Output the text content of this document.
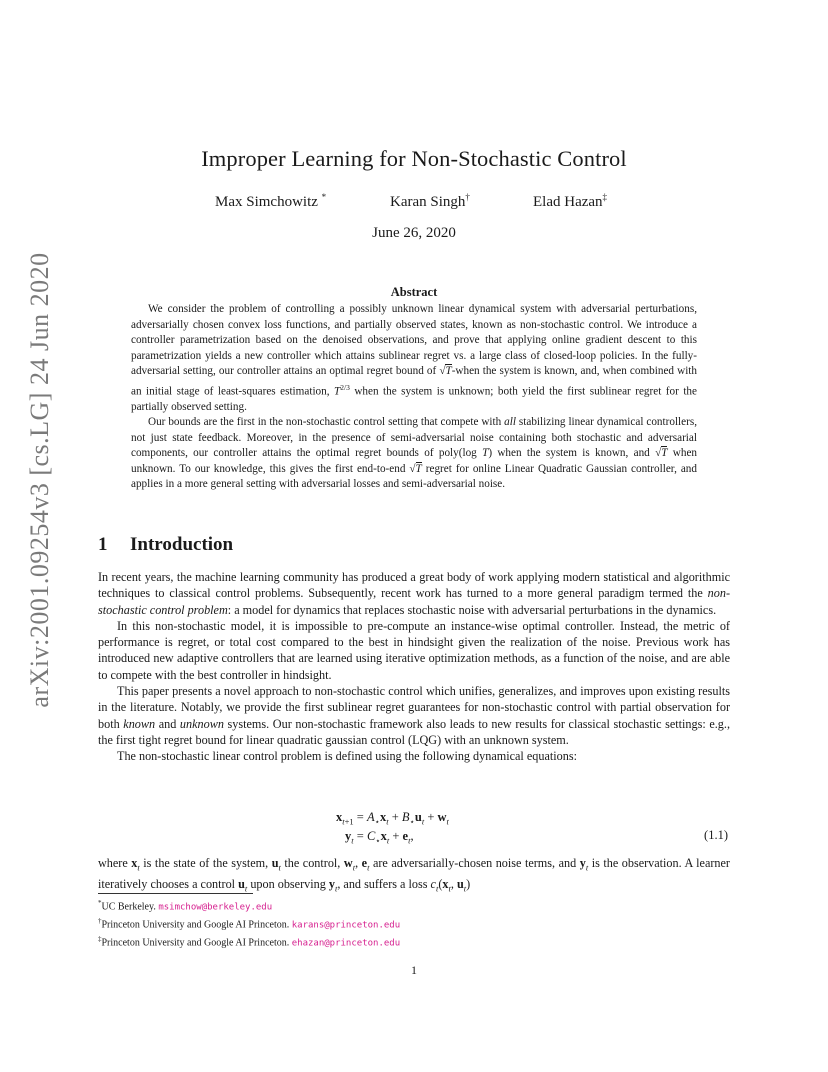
arXiv:2001.09254v3 [cs.LG] 24 Jun 2020
Improper Learning for Non-Stochastic Control
Max Simchowitz *	Karan Singh†	Elad Hazan‡
June 26, 2020
Abstract

We consider the problem of controlling a possibly unknown linear dynamical system with adversarial perturbations, adversarially chosen convex loss functions, and partially observed states, known as non-stochastic control. We introduce a controller parametrization based on the denoised observations, and prove that applying online gradient descent to this parametrization yields a new controller which attains sublinear regret vs. a large class of closed-loop policies. In the fully-adversarial setting, our controller attains an optimal regret bound of √T-when the system is known, and, when combined with an initial stage of least-squares estimation, $T^{2/3}$ when the system is unknown; both yield the first sublinear regret for the partially observed setting.

Our bounds are the first in the non-stochastic control setting that compete with all stabilizing linear dynamical controllers, not just state feedback. Moreover, in the presence of semi-adversarial noise containing both stochastic and adversarial components, our controller attains the optimal regret bounds of poly(log T) when the system is known, and √T when unknown. To our knowledge, this gives the first end-to-end √T regret for online Linear Quadratic Gaussian controller, and applies in a more general setting with adversarial losses and semi-adversarial noise.

1 Introduction

In recent years, the machine learning community has produced a great body of work applying modern statistical and algorithmic techniques to classical control problems. Subsequently, recent work has turned to a more general paradigm termed the non-stochastic control problem: a model for dynamics that replaces stochastic noise with adversarial perturbations in the dynamics.

In this non-stochastic model, it is impossible to pre-compute an instance-wise optimal controller. Instead, the metric of performance is regret, or total cost compared to the best in hindsight given the realization of the noise. Previous work has introduced new adaptive controllers that are learned using iterative optimization methods, as a function of the noise, and are able to compete with the best controller in hindsight.

This paper presents a novel approach to non-stochastic control which unifies, generalizes, and improves upon existing results in the literature. Notably, we provide the first sublinear regret guarantees for non-stochastic control with partial observation for both known and unknown systems. Our non-stochastic framework also leads to new results for classical stochastic settings: e.g., the first tight regret bound for linear quadratic gaussian control (LQG) with an unknown system.

The non-stochastic linear control problem is defined using the following dynamical equations:

$x_{t+1} = A_⋆x_t + B_⋆u_t + w_t$
$y_t = C_⋆x_t + e_t$,	(1.1)
where $x_t$ is the state of the system, $u_t$ the control, $w_t$, $e_t$ are adversarially-chosen noise terms, and $y_t$ is the observation. A learner iteratively chooses a control $u_t$ upon observing $y_t$, and suffers a loss $c_t(x_t$, $u_t$)
*UC Berkeley. msimchow@berkeley.edu
†Princeton University and Google AI Princeton. karans@princeton.edu
‡Princeton University and Google AI Princeton. ehazan@princeton.edu
1
